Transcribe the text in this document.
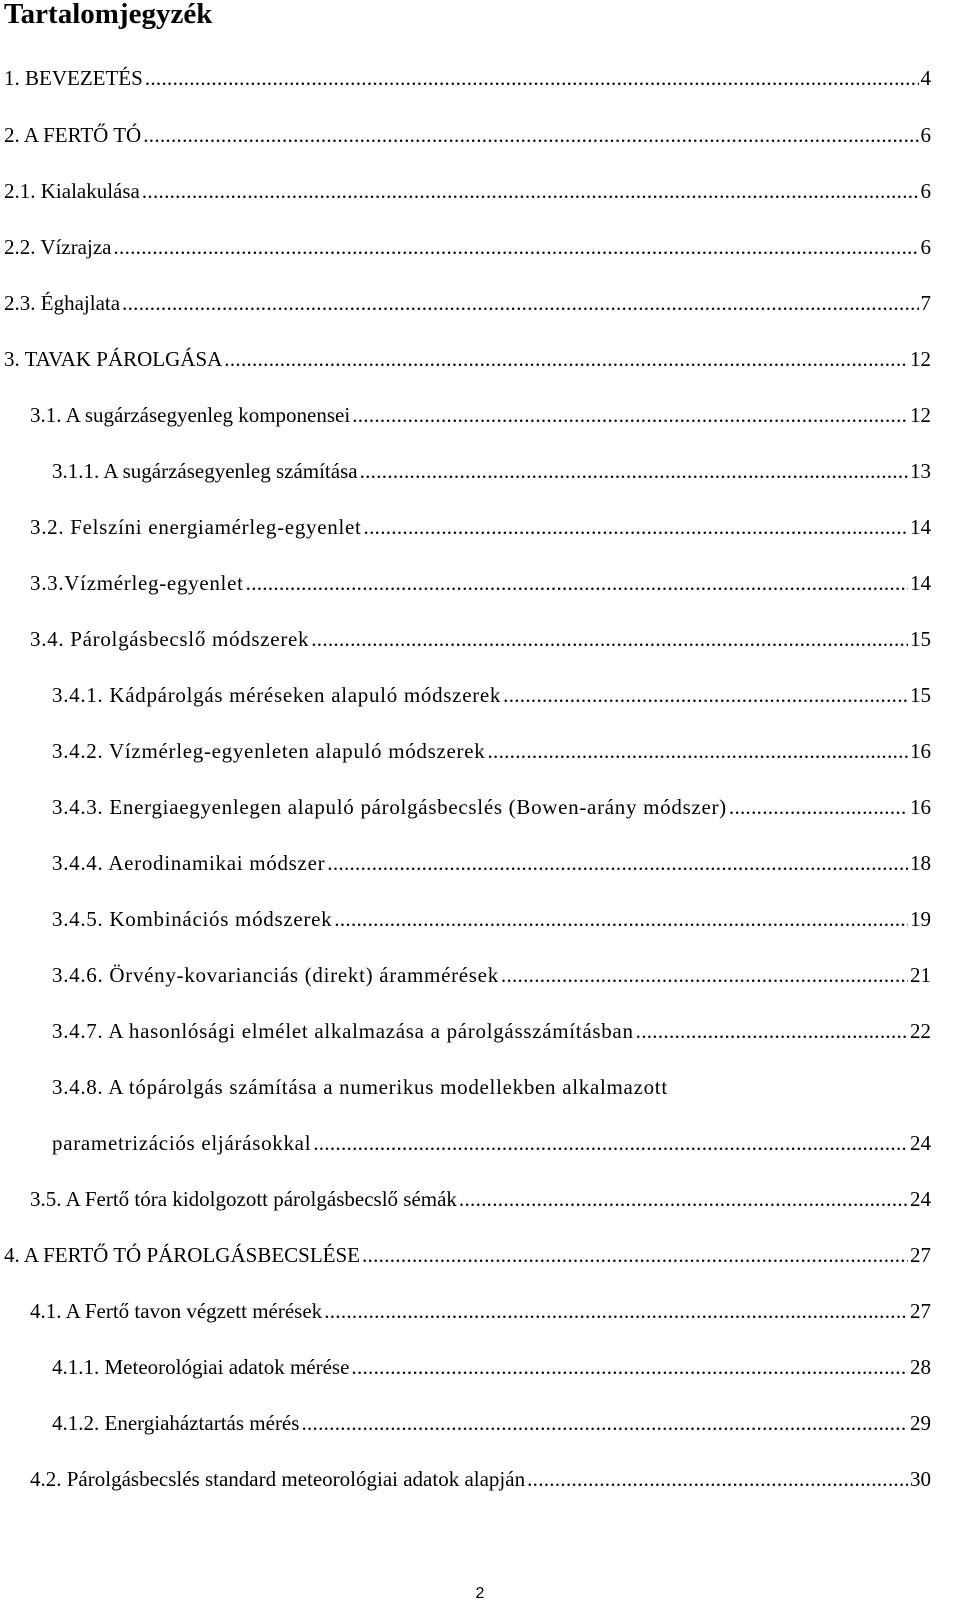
Tartalomjegyzék
1. BEVEZETÉS .....	4
2. A FERTŐ TÓ .....	6
2.1. Kialakulása .....	6
2.2. Vízrajza .....	6
2.3. Éghajlata .....	7
3. TAVAK PÁROLGÁSA .....	12
3.1. A sugárzásegyenleg komponensei .....	12
3.1.1. A sugárzásegyenleg számítása .....	13
3.2. Felszíni energiamérleg-egyenlet .....	14
3.3.Vízmérleg-egyenlet .....	14
3.4. Párolgásbecslő módszerek .....	15
3.4.1. Kádpárolgás méréseken alapuló módszerek .....	15
3.4.2. Vízmérleg-egyenleten alapuló módszerek .....	16
3.4.3. Energiaegyenlegen alapuló párolgásbecslés (Bowen-arány módszer) .....	16
3.4.4. Aerodinamikai módszer .....	18
3.4.5. Kombinációs módszerek .....	19
3.4.6. Örvény-kovarianciás (direkt) árammérések .....	21
3.4.7. A hasonlósági elmélet alkalmazása a párolgásszámításban .....	22
3.4.8. A tópárolgás számítása a numerikus modellekben alkalmazott
parametrizációs eljárásokkal .....	24
3.5. A Fertő tóra kidolgozott párolgásbecslő sémák .....	24
4. A FERTŐ TÓ PÁROLGÁSBECSLÉSE .....	27
4.1. A Fertő tavon végzett mérések .....	27
4.1.1. Meteorológiai adatok mérése .....	28
4.1.2. Energiaháztartás mérés .....	29
4.2. Párolgásbecslés standard meteorológiai adatok alapján .....	30
2
